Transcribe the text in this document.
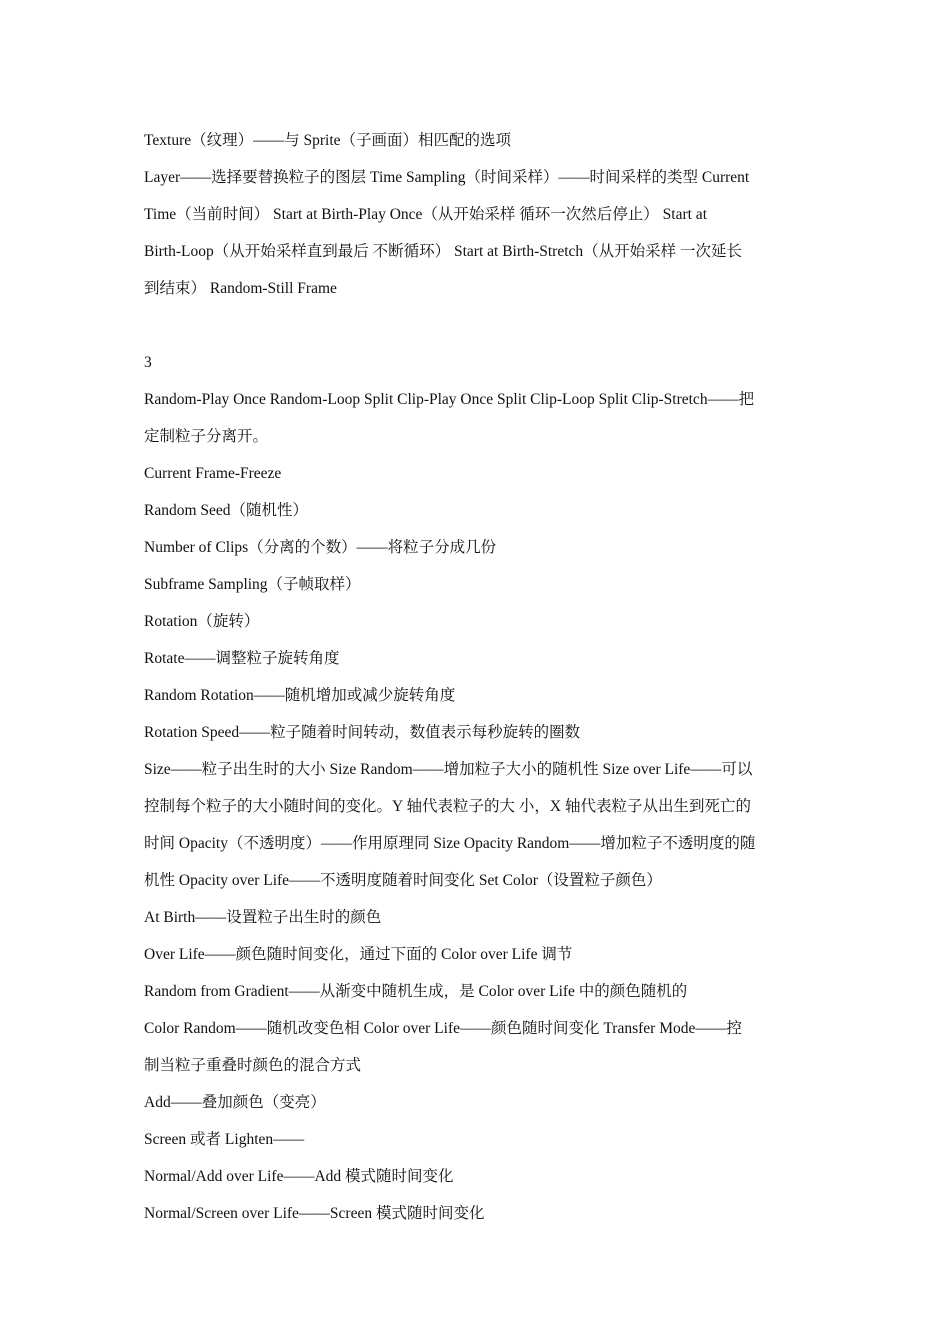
Texture（纹理）——与 Sprite（子画面）相匹配的选项
Layer——选择要替换粒子的图层 Time Sampling（时间采样）——时间采样的类型 Current
Time（当前时间） Start at Birth-Play Once（从开始采样 循环一次然后停止） Start at
Birth-Loop（从开始采样直到最后 不断循环） Start at Birth-Stretch（从开始采样 一次延长
到结束） Random-Still Frame
3
Random-Play Once Random-Loop Split Clip-Play Once Split Clip-Loop Split Clip-Stretch——把
定制粒子分离开。
Current Frame-Freeze
Random Seed（随机性）
Number of Clips（分离的个数）——将粒子分成几份
Subframe Sampling（子帧取样）
Rotation（旋转）
Rotate——调整粒子旋转角度
Random Rotation——随机增加或减少旋转角度
Rotation Speed——粒子随着时间转动，数值表示每秒旋转的圈数
Size——粒子出生时的大小 Size Random——增加粒子大小的随机性 Size over Life——可以
控制每个粒子的大小随时间的变化。Y 轴代表粒子的大 小，X 轴代表粒子从出生到死亡的
时间 Opacity（不透明度）——作用原理同 Size Opacity Random——增加粒子不透明度的随
机性 Opacity over Life——不透明度随着时间变化 Set Color（设置粒子颜色）
At Birth——设置粒子出生时的颜色
Over Life——颜色随时间变化，通过下面的 Color over Life 调节
Random from Gradient——从渐变中随机生成，是 Color over Life 中的颜色随机的
Color Random——随机改变色相 Color over Life——颜色随时间变化 Transfer Mode——控
制当粒子重叠时颜色的混合方式
Add——叠加颜色（变亮）
Screen 或者 Lighten——
Normal/Add over Life——Add 模式随时间变化
Normal/Screen over Life——Screen 模式随时间变化
